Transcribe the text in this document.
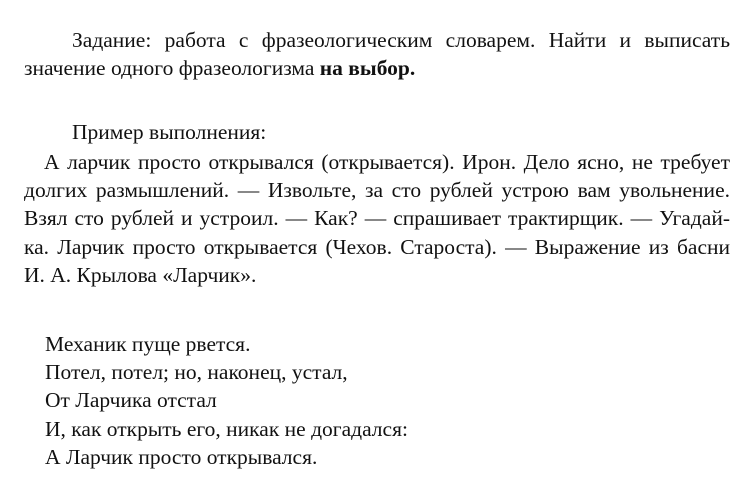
Задание: работа с фразеологическим словарем. Найти и выписать значение одного фразеологизма на выбор.

Пример выполнения:

А ларчик просто открывался (открывается). Ирон. Дело ясно, не требует долгих размышлений. — Извольте, за сто рублей устрою вам увольнение. Взял сто рублей и устроил. — Как? — спрашивает трактирщик. — Угадай-ка. Ларчик просто открывается (Чехов. Староста). — Выражение из басни И. А. Крылова «Ларчик».

Механик пуще рвется.
Потел, потел; но, наконец, устал,
От Ларчика отстал
И, как открыть его, никак не догадался:
А Ларчик просто открывался.
